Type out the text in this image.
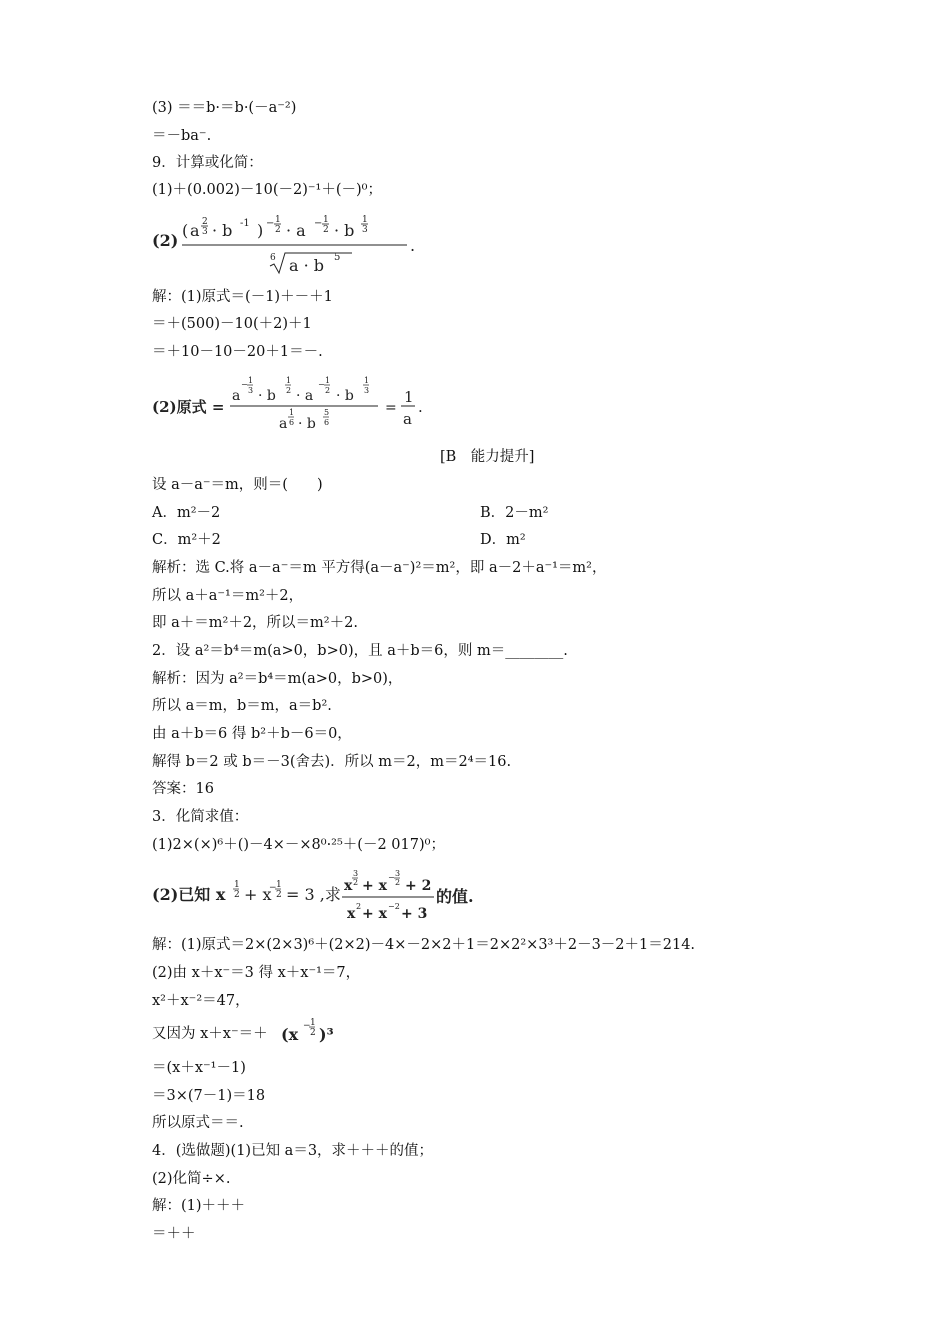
(3) ＝＝b·＝b·(－a⁻²)
＝－ba⁻.
9．计算或化简：
(1)＋(0.002)－10(－2)⁻¹＋(－)⁰；
(2)
( a 2
3 · b -1 ) − 1
2 · a − 1
2 · b
1
3
6 a · b 5
.
解：(1)原式＝(－1)＋－＋1
＝＋(500)－10(＋2)＋1
＝＋10－10－20＋1＝－.
(2)原式 =
a
− 1
3 · b
1
2 · a
− 1
2 · b
1
3
a
1
6 · b
5
6
=
1
a
.
[B　能力提升]
设 a－a⁻＝m，则＝(　　)
A．m²－2	B．2－m²
C．m²＋2	D．m²
解析：选 C.将 a－a⁻＝m 平方得(a－a⁻)²＝m²，即 a－2＋a⁻¹＝m²，
所以 a＋a⁻¹＝m²＋2，
即 a＋＝m²＋2，所以＝m²＋2.
2．设 a²＝b⁴＝m(a>0，b>0)，且 a＋b＝6，则 m＝________.
解析：因为 a²＝b⁴＝m(a>0，b>0)，
所以 a＝m，b＝m，a＝b².
由 a＋b＝6 得 b²＋b－6＝0，
解得 b＝2 或 b＝－3(舍去)．所以 m＝2，m＝2⁴＝16.
答案：16
3．化简求值：
(1)2×(×)⁶＋()－4×－×8⁰·²⁵＋(－2 017)⁰；
(2)已知 x 1
2 + x
− 1
2 = 3 ,求 x
3
2 + x
− 3
2 + 2
x 2 + x −2 + 3
的值.
解：(1)原式＝2×(2×3)⁶＋(2×2)－4×－2×2＋1＝2×2²×3³＋2－3－2＋1＝214.
(2)由 x＋x⁻＝3 得 x＋x⁻¹＝7，
x²＋x⁻²＝47，
又因为 x＋x⁻＝＋ (x − 1
2 )³
＝(x＋x⁻¹－1)
＝3×(7－1)＝18
所以原式＝＝.
4．(选做题)(1)已知 a＝3，求＋＋＋的值；
(2)化简÷×.
解：(1)＋＋＋
＝＋＋
